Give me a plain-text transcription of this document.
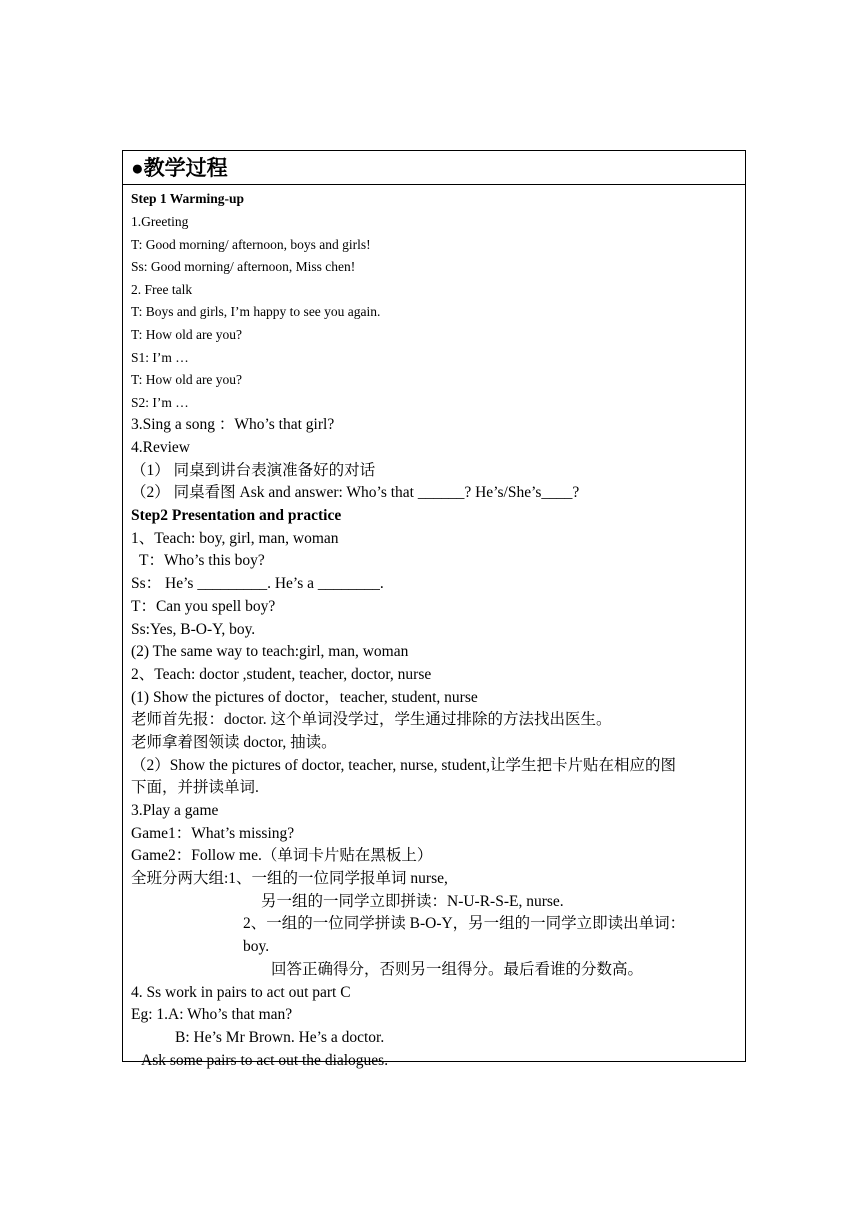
●教学过程
Step 1 Warming-up
1.Greeting
T: Good morning/ afternoon, boys and girls!
Ss: Good morning/ afternoon, Miss chen!
2. Free talk
T: Boys and girls, I’m happy to see you again.
T: How old are you?
S1: I’m …
T: How old are you?
S2: I’m …
3.Sing a song ：Who’s that girl?
4.Review
（1） 同桌到讲台表演准备好的对话
（2） 同桌看图 Ask and answer: Who’s that ______? He’s/She’s____?
Step2 Presentation and practice
1、Teach: boy, girl, man, woman
T：Who’s this boy?
Ss： He’s _________. He’s a ________.
T：Can you spell boy?
Ss:Yes, B-O-Y, boy.
(2) The same way to teach:girl, man, woman
2、Teach: doctor ,student, teacher, doctor, nurse
(1) Show the pictures of doctor，teacher, student, nurse
老师首先报：doctor. 这个单词没学过，学生通过排除的方法找出医生。
老师拿着图领读 doctor, 抽读。
（2）Show the pictures of doctor, teacher, nurse, student,让学生把卡片贴在相应的图
下面，并拼读单词.
3.Play a game
Game1：What’s missing?
Game2：Follow me.（单词卡片贴在黑板上）
全班分两大组:1、一组的一位同学报单词 nurse,
另一组的一同学立即拼读：N-U-R-S-E, nurse.
2、一组的一位同学拼读 B-O-Y，另一组的一同学立即读出单词：
boy.
回答正确得分，否则另一组得分。最后看谁的分数高。
4. Ss work in pairs to act out part C
Eg: 1.A: Who’s that man?
B: He’s Mr Brown. He’s a doctor.
Ask some pairs to act out the dialogues.
